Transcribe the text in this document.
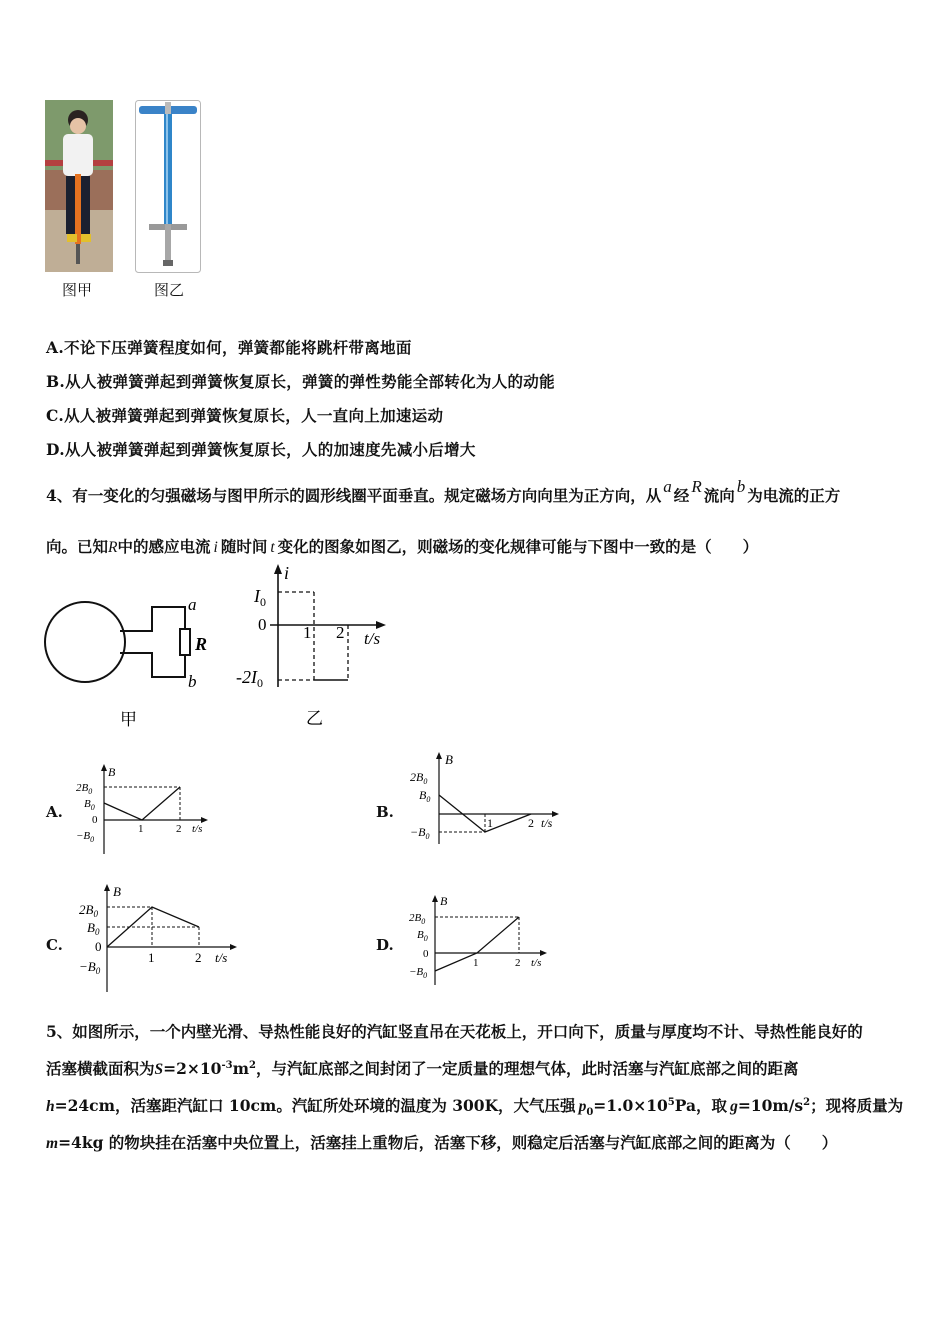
图甲	图乙
A.不论下压弹簧程度如何，弹簧都能将跳杆带离地面
B.从人被弹簧弹起到弹簧恢复原长，弹簧的弹性势能全部转化为人的动能
C.从人被弹簧弹起到弹簧恢复原长，人一直向上加速运动
D.从人被弹簧弹起到弹簧恢复原长，人的加速度先减小后增大
4、有一变化的匀强磁场与图甲所示的圆形线圈平面垂直。规定磁场方向向里为正方向，从 a 经 R 流向 b 为电流的正方
向。已知R中的感应电流 i 随时间 t 变化的图象如图乙，则磁场的变化规律可能与下图中一致的是（　　）
a
R
b
甲
i
t/s
$I_0$
$-2I_0$
0 1 2
乙
A.
B
$2B_0$
$B_0$
0
$-B_0$
1	2 t/s
B.
B
$2B_0$
$B_0$
$-B_0$
1	2 t/s
C.
B
$2B_0$
$B_0$
0
$-B_0$
1	2 t/s
D.
B
$2B_0$
$B_0$
0
$-B_0$
1	2 t/s
5、如图所示，一个内壁光滑、导热性能良好的汽缸竖直吊在天花板上，开口向下，质量与厚度均不计、导热性能良好的
活塞横截面积为$S=2\times 10^{-3}m^2$，与汽缸底部之间封闭了一定质量的理想气体，此时活塞与汽缸底部之间的距离
h=24cm，活塞距汽缸口 10cm。汽缸所处环境的温度为 300K，大气压强 $p_0=1.0\times 10^5Pa$，取 $g=10m/s^2$；现将质量为
m=4kg 的物块挂在活塞中央位置上，活塞挂上重物后，活塞下移，则稳定后活塞与汽缸底部之间的距离为（　　）
